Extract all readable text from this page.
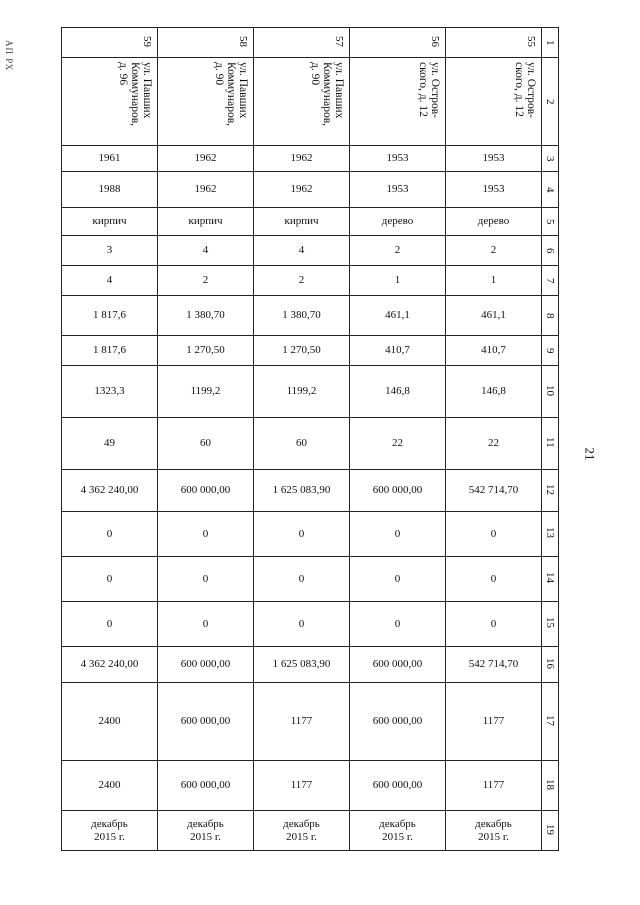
АП РХ
21
59	58	57	56	55	1
ул. Павших
Коммунаров,
д. 96	ул. Павших
Коммунаров,
д. 90	ул. Павших
Коммунаров,
д. 90	ул. Остров-
ского, д. 12	ул. Остров-
ского, д. 12	2
1961	1962	1962	1953	1953	3
1988	1962	1962	1953	1953	4
кирпич	кирпич	кирпич	дерево	дерево	5
3	4	4	2	2	6
4	2	2	1	1	7
1 817,6	1 380,70	1 380,70	461,1	461,1	8
1 817,6	1 270,50	1 270,50	410,7	410,7	9
1323,3	1199,2	1199,2	146,8	146,8	10
49	60	60	22	22	11
4 362 240,00	600 000,00	1 625 083,90	600 000,00	542 714,70	12
0	0	0	0	0	13
0	0	0	0	0	14
0	0	0	0	0	15
4 362 240,00	600 000,00	1 625 083,90	600 000,00	542 714,70	16
2400	600 000,00	1177	600 000,00	1177	17
2400	600 000,00	1177	600 000,00	1177	18
декабрь
2015 г.	декабрь
2015 г.	декабрь
2015 г.	декабрь
2015 г.	декабрь
2015 г.	19
